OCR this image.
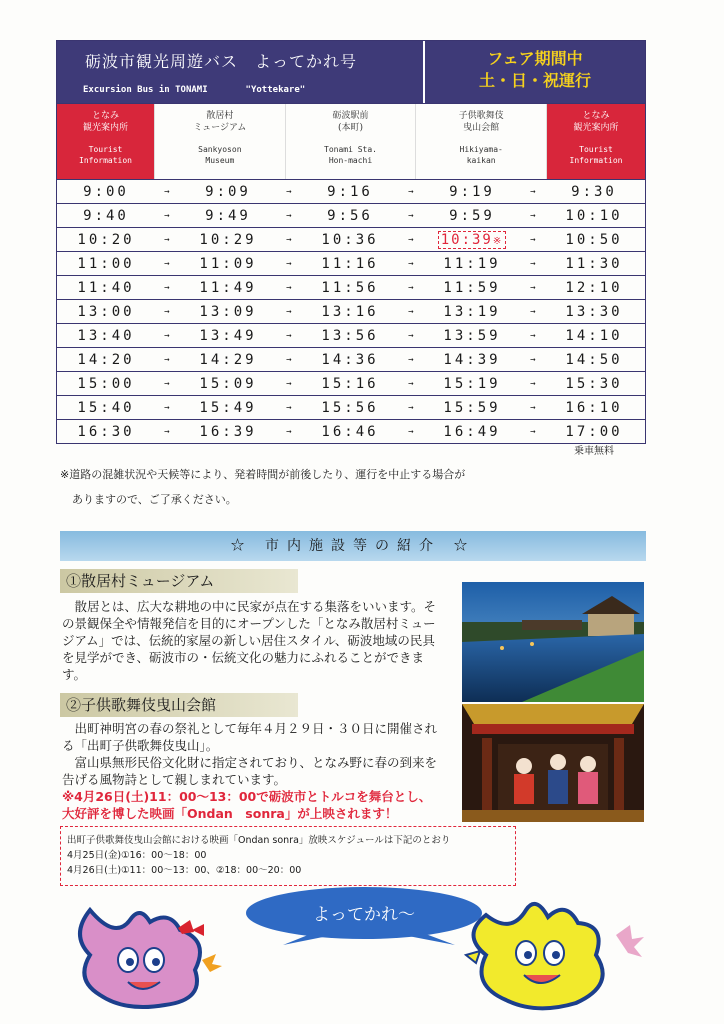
砺波市観光周遊バス　よってかれ号
Excursion Bus in TONAMI       "Yottekare"
フェア期間中
土・日・祝運行
となみ
観光案内所
Tourist
Information
散居村
ミュージアム
Sankyoson
Museum
砺波駅前
(本町)
Tonami Sta.
Hon-machi
子供歌舞伎
曳山会館
Hikiyama-
kaikan
となみ
観光案内所
Tourist
Information
9:00	→	9:09	→	9:16	→	9:19	→	9:30
9:40	→	9:49	→	9:56	→	9:59	→	10:10
10:20	→	10:29	→	10:36	→	10:39※	→	10:50
11:00	→	11:09	→	11:16	→	11:19	→	11:30
11:40	→	11:49	→	11:56	→	11:59	→	12:10
13:00	→	13:09	→	13:16	→	13:19	→	13:30
13:40	→	13:49	→	13:56	→	13:59	→	14:10
14:20	→	14:29	→	14:36	→	14:39	→	14:50
15:00	→	15:09	→	15:16	→	15:19	→	15:30
15:40	→	15:49	→	15:56	→	15:59	→	16:10
16:30	→	16:39	→	16:46	→	16:49	→	17:00
乗車無料
※道路の混雑状況や天候等により、発着時間が前後したり、運行を中止する場合が
ありますので、ご了承ください。
☆ 市内施設等の紹介 ☆
①散居村ミュージアム
　散居とは、広大な耕地の中に民家が点在する集落をいいます。その景観保全や情報発信を目的にオープンした「となみ散居村ミュージアム」では、伝統的家屋の新しい居住スタイル、砺波地域の民具を見学ができ、砺波市の・伝統文化の魅力にふれることができます。
②子供歌舞伎曳山会館
　出町神明宮の春の祭礼として毎年４月２９日・３０日に開催される「出町子供歌舞伎曳山」。
　富山県無形民俗文化財に指定されており、となみ野に春の到来を告げる風物詩として親しまれています。
※4月26日(土)11：00～13：00で砺波市とトルコを舞台とし、大好評を博した映画「Ondan　sonra」が上映されます！
出町子供歌舞伎曳山会館における映画「Ondan sonra」放映スケジュールは下記のとおり
4月25日(金)①16：00～18：00
4月26日(土)①11：00～13：00、②18：00～20：00
よってかれ～
